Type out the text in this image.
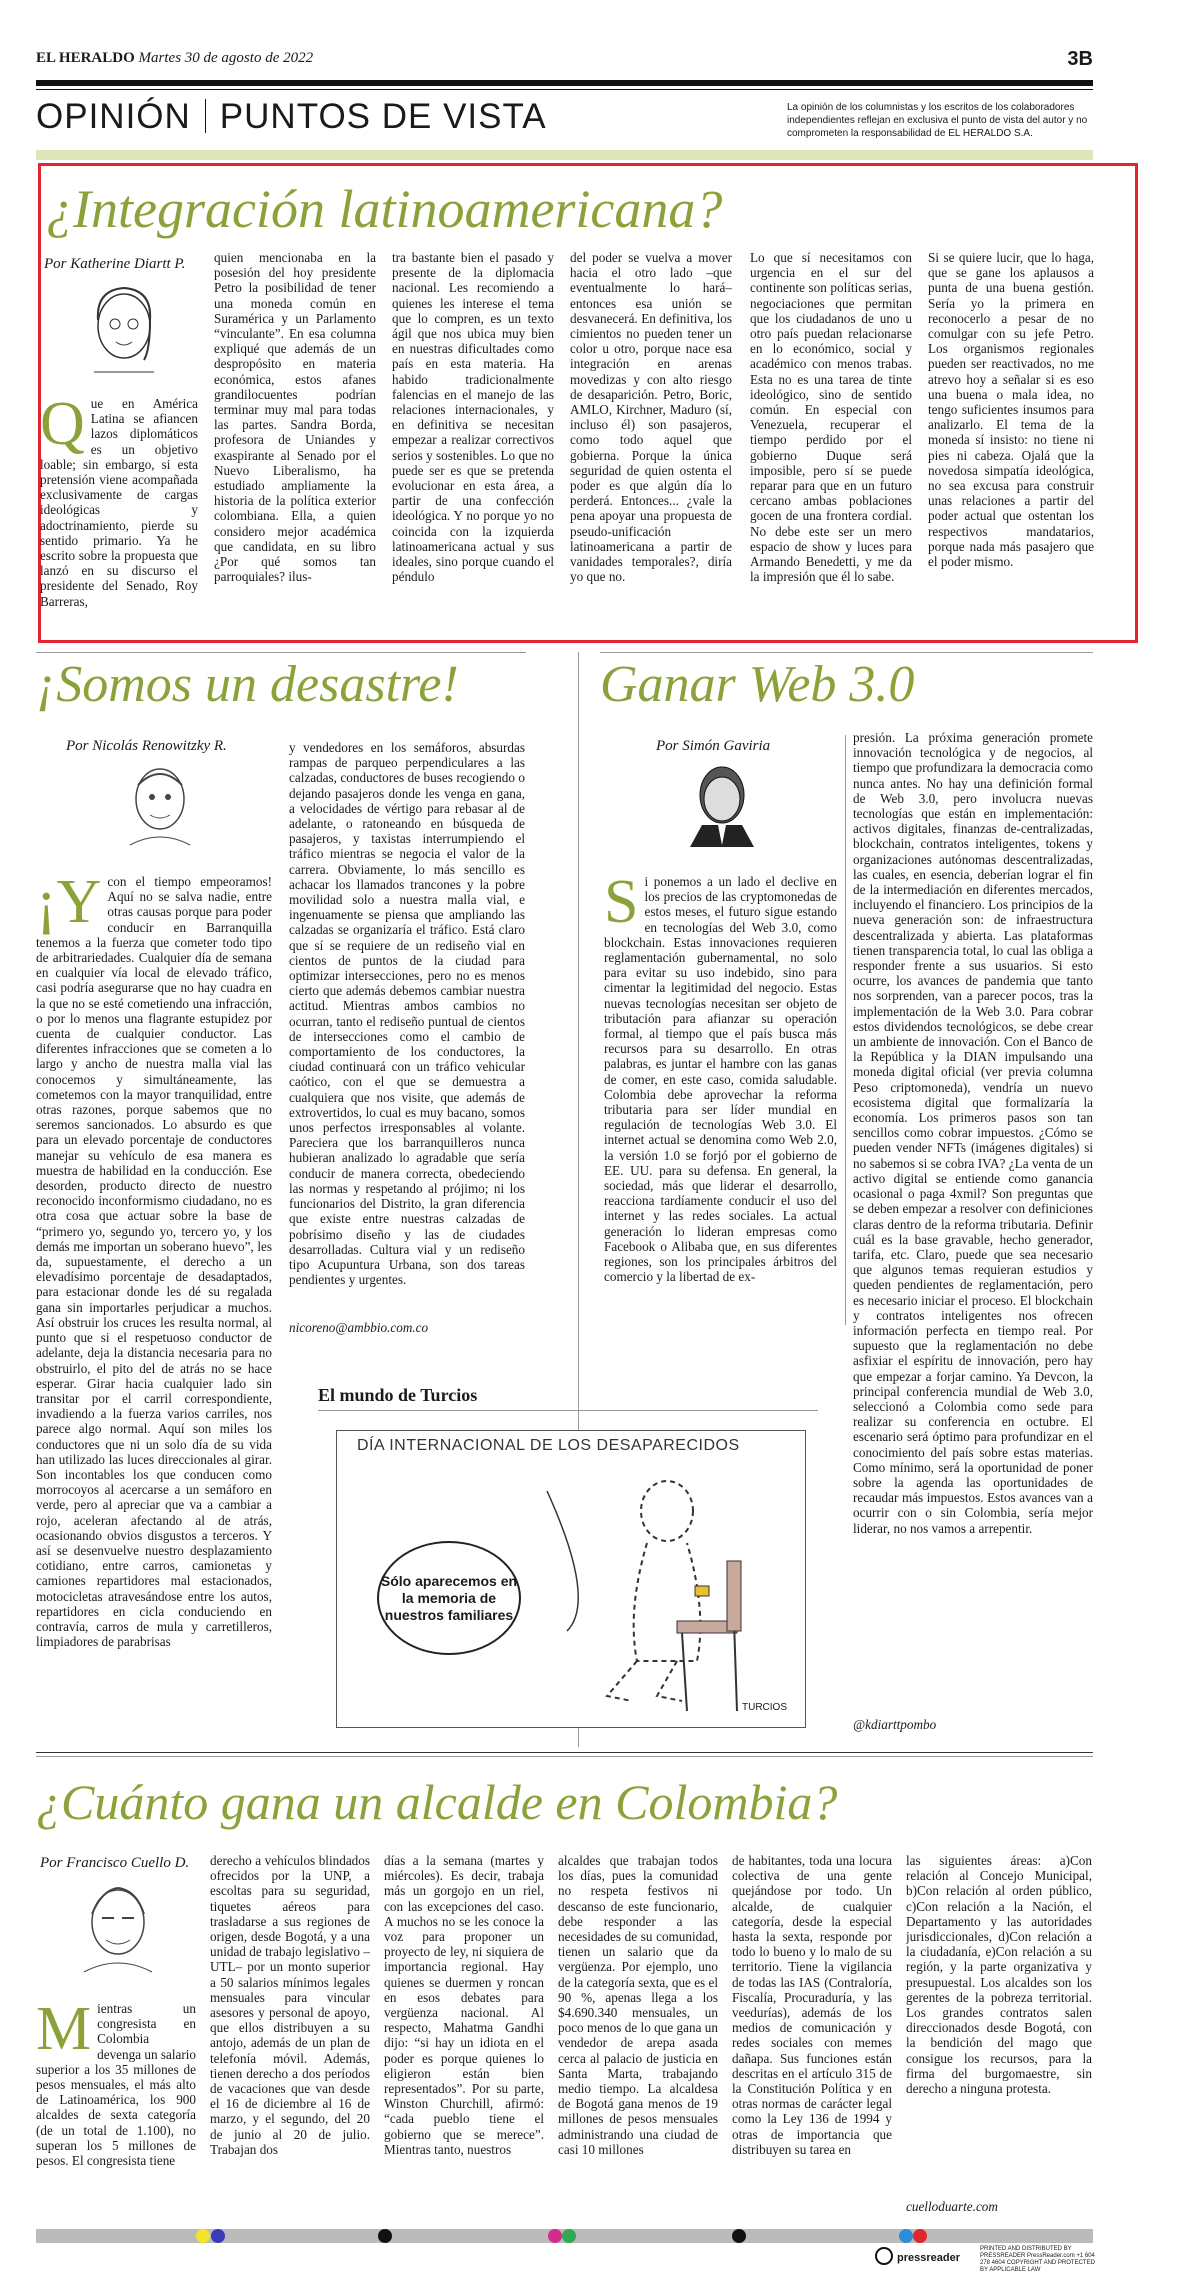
EL HERALDO Martes 30 de agosto de 2022	3B
OPINIÓN PUNTOS DE VISTA	La opinión de los columnistas y los escritos de los colaboradores independientes reflejan en exclusiva el punto de vista del autor y no comprometen la responsabilidad de EL HERALDO S.A.
¿Integración latinoamericana?
Por Katherine Diartt P.
Que en América Latina se afiancen lazos diplomáticos es un objetivo loable; sin embargo, si esta pretensión viene acompañada exclusivamente de cargas ideológicas y adoctrinamiento, pierde su sentido primario. Ya he escrito sobre la propuesta que lanzó en su discurso el presidente del Senado, Roy Barreras,
quien mencionaba en la posesión del hoy presidente Petro la posibilidad de tener una moneda común en Suramérica y un Parlamento “vinculante”. En esa columna expliqué que además de un despropósito en materia económica, estos afanes grandilocuentes podrían terminar muy mal para todas las partes. Sandra Borda, profesora de Uniandes y exaspirante al Senado por el Nuevo Liberalismo, ha estudiado ampliamente la historia de la política exterior colombiana. Ella, a quien considero mejor académica que candidata, en su libro ¿Por qué somos tan parroquiales? ilus-
tra bastante bien el pasado y presente de la diplomacia nacional. Les recomiendo a quienes les interese el tema que lo compren, es un texto ágil que nos ubica muy bien en nuestras dificultades como país en esta materia. Ha habido tradicionalmente falencias en el manejo de las relaciones internacionales, y en definitiva se necesitan empezar a realizar correctivos serios y sostenibles. Lo que no puede ser es que se pretenda evolucionar en esta área, a partir de una confección ideológica. Y no porque yo no coincida con la izquierda latinoamericana actual y sus ideales, sino porque cuando el péndulo
del poder se vuelva a mover hacia el otro lado –que eventualmente lo hará– entonces esa unión se desvanecerá. En definitiva, los cimientos no pueden tener un color u otro, porque nace esa integración en arenas movedizas y con alto riesgo de desaparición. Petro, Boric, AMLO, Kirchner, Maduro (sí, incluso él) son pasajeros, como todo aquel que gobierna. Porque la única seguridad de quien ostenta el poder es que algún día lo perderá. Entonces... ¿vale la pena apoyar una propuesta de pseudo-unificación latinoamericana a partir de vanidades temporales?, diría yo que no.
Lo que sí necesitamos con urgencia en el sur del continente son políticas serias, negociaciones que permitan que los ciudadanos de uno u otro país puedan relacionarse en lo económico, social y académico con menos trabas. Esta no es una tarea de tinte ideológico, sino de sentido común. En especial con Venezuela, recuperar el tiempo perdido por el gobierno Duque será imposible, pero sí se puede reparar para que en un futuro cercano ambas poblaciones gocen de una frontera cordial. No debe este ser un mero espacio de show y luces para Armando Benedetti, y me da la impresión que él lo sabe.
Si se quiere lucir, que lo haga, que se gane los aplausos a punta de una buena gestión. Sería yo la primera en reconocerlo a pesar de no comulgar con su jefe Petro. Los organismos regionales pueden ser reactivados, no me atrevo hoy a señalar si es eso una buena o mala idea, no tengo suficientes insumos para analizarlo. El tema de la moneda sí insisto: no tiene ni pies ni cabeza. Ojalá que la novedosa simpatía ideológica, no sea excusa para construir unas relaciones a partir del poder actual que ostentan los respectivos mandatarios, porque nada más pasajero que el poder mismo.
¡Somos un desastre!
Por Nicolás Renowitzky R.
¡Y con el tiempo empeoramos! Aquí no se salva nadie, entre otras causas porque para poder conducir en Barranquilla tenemos a la fuerza que cometer todo tipo de arbitrariedades. Cualquier día de semana en cualquier vía local de elevado tráfico, casi podría asegurarse que no hay cuadra en la que no se esté cometiendo una infracción, o por lo menos una flagrante estupidez por cuenta de cualquier conductor. Las diferentes infracciones que se cometen a lo largo y ancho de nuestra malla vial las conocemos y simultáneamente, las cometemos con la mayor tranquilidad, entre otras razones, porque sabemos que no seremos sancionados. Lo absurdo es que para un elevado porcentaje de conductores manejar su vehículo de esa manera es muestra de habilidad en la conducción. Ese desorden, producto directo de nuestro reconocido inconformismo ciudadano, no es otra cosa que actuar sobre la base de “primero yo, segundo yo, tercero yo, y los demás me importan un soberano huevo”, les da, supuestamente, el derecho a un elevadísimo porcentaje de desadaptados, para estacionar donde les dé su regalada gana sin importarles perjudicar a muchos. Así obstruir los cruces les resulta normal, al punto que si el respetuoso conductor de adelante, deja la distancia necesaria para no obstruirlo, el pito del de atrás no se hace esperar. Girar hacia cualquier lado sin transitar por el carril correspondiente, invadiendo a la fuerza varios carriles, nos parece algo normal. Aquí son miles los conductores que ni un solo día de su vida han utilizado las luces direccionales al girar. Son incontables los que conducen como morrocoyos al acercarse a un semáforo en verde, pero al apreciar que va a cambiar a rojo, aceleran afectando al de atrás, ocasionando obvios disgustos a terceros. Y así se desenvuelve nuestro desplazamiento cotidiano, entre carros, camionetas y camiones repartidores mal estacionados, motocicletas atravesándose entre los autos, repartidores en cicla conduciendo en contravía, carros de mula y carretilleros, limpiadores de parabrisas
y vendedores en los semáforos, absurdas rampas de parqueo perpendiculares a las calzadas, conductores de buses recogiendo o dejando pasajeros donde les venga en gana, a velocidades de vértigo para rebasar al de adelante, o ratoneando en búsqueda de pasajeros, y taxistas interrumpiendo el tráfico mientras se negocia el valor de la carrera. Obviamente, lo más sencillo es achacar los llamados trancones y la pobre movilidad solo a nuestra malla vial, e ingenuamente se piensa que ampliando las calzadas se organizaría el tráfico. Está claro que sí se requiere de un rediseño vial en cientos de puntos de la ciudad para optimizar intersecciones, pero no es menos cierto que además debemos cambiar nuestra actitud. Mientras ambos cambios no ocurran, tanto el rediseño puntual de cientos de intersecciones como el cambio de comportamiento de los conductores, la ciudad continuará con un tráfico vehicular caótico, con el que se demuestra a cualquiera que nos visite, que además de extrovertidos, lo cual es muy bacano, somos unos perfectos irresponsables al volante. Pareciera que los barranquilleros nunca hubieran analizado lo agradable que sería conducir de manera correcta, obedeciendo las normas y respetando al prójimo; ni los funcionarios del Distrito, la gran diferencia que existe entre nuestras calzadas de pobrísimo diseño y las de ciudades desarrolladas. Cultura vial y un rediseño tipo Acupuntura Urbana, son dos tareas pendientes y urgentes.
nicoreno@ambbio.com.co
El mundo de Turcios
DÍA INTERNACIONAL DE LOS DESAPARECIDOS
Sólo aparecemos en la memoria de nuestros familiares
TURCIOS
Ganar Web 3.0
Por Simón Gaviria
Si ponemos a un lado el declive en los precios de las cryptomonedas de estos meses, el futuro sigue estando en tecnologías del Web 3.0, como blockchain. Estas innovaciones requieren reglamentación gubernamental, no solo para evitar su uso indebido, sino para cimentar la legitimidad del negocio. Estas nuevas tecnologías necesitan ser objeto de tributación para afianzar su operación formal, al tiempo que el país busca más recursos para su desarrollo. En otras palabras, es juntar el hambre con las ganas de comer, en este caso, comida saludable. Colombia debe aprovechar la reforma tributaria para ser líder mundial en regulación de tecnologías Web 3.0. El internet actual se denomina como Web 2.0, la versión 1.0 se forjó por el gobierno de EE. UU. para su defensa. En general, la sociedad, más que liderar el desarrollo, reacciona tardíamente conducir el uso del internet y las redes sociales. La actual generación lo lideran empresas como Facebook o Alibaba que, en sus diferentes regiones, son los principales árbitros del comercio y la libertad de ex-
presión. La próxima generación promete innovación tecnológica y de negocios, al tiempo que profundizara la democracia como nunca antes. No hay una definición formal de Web 3.0, pero involucra nuevas tecnologías que están en implementación: activos digitales, finanzas de-centralizadas, blockchain, contratos inteligentes, tokens y organizaciones autónomas descentralizadas, las cuales, en esencia, deberían lograr el fin de la intermediación en diferentes mercados, incluyendo el financiero. Los principios de la nueva generación son: de infraestructura descentralizada y abierta. Las plataformas tienen transparencia total, lo cual las obliga a responder frente a sus usuarios. Si esto ocurre, los avances de pandemia que tanto nos sorprenden, van a parecer pocos, tras la implementación de la Web 3.0. Para cobrar estos dividendos tecnológicos, se debe crear un ambiente de innovación. Con el Banco de la República y la DIAN impulsando una moneda digital oficial (ver previa columna Peso criptomoneda), vendría un nuevo ecosistema digital que formalizaría la economía. Los primeros pasos son tan sencillos como cobrar impuestos. ¿Cómo se pueden vender NFTs (imágenes digitales) si no sabemos si se cobra IVA? ¿La venta de un activo digital se entiende como ganancia ocasional o paga 4xmil? Son preguntas que se deben empezar a resolver con definiciones claras dentro de la reforma tributaria. Definir cuál es la base gravable, hecho generador, tarifa, etc. Claro, puede que sea necesario que algunos temas requieran estudios y queden pendientes de reglamentación, pero es necesario iniciar el proceso. El blockchain y contratos inteligentes nos ofrecen información perfecta en tiempo real. Por supuesto que la reglamentación no debe asfixiar el espíritu de innovación, pero hay que empezar a forjar camino. Ya Devcon, la principal conferencia mundial de Web 3.0, seleccionó a Colombia como sede para realizar su conferencia en octubre. El escenario será óptimo para profundizar en el conocimiento del país sobre estas materias. Como mínimo, será la oportunidad de poner sobre la agenda las oportunidades de recaudar más impuestos. Estos avances van a ocurrir con o sin Colombia, sería mejor liderar, no nos vamos a arrepentir.
@kdiarttpombo
¿Cuánto gana un alcalde en Colombia?
Por Francisco Cuello D.
Mientras un congresista en Colombia devenga un salario superior a los 35 millones de pesos mensuales, el más alto de Latinoamérica, los 900 alcaldes de sexta categoría (de un total de 1.100), no superan los 5 millones de pesos. El congresista tiene
derecho a vehículos blindados ofrecidos por la UNP, a escoltas para su seguridad, tiquetes aéreos para trasladarse a sus regiones de origen, desde Bogotá, y a una unidad de trabajo legislativo –UTL– por un monto superior a 50 salarios mínimos legales mensuales para vincular asesores y personal de apoyo, que ellos distribuyen a su antojo, además de un plan de telefonía móvil. Además, tienen derecho a dos períodos de vacaciones que van desde el 16 de diciembre al 16 de marzo, y el segundo, del 20 de junio al 20 de julio. Trabajan dos
días a la semana (martes y miércoles). Es decir, trabaja más un gorgojo en un riel, con las excepciones del caso. A muchos no se les conoce la voz para proponer un proyecto de ley, ni siquiera de importancia regional. Hay quienes se duermen y roncan en esos debates para vergüenza nacional. Al respecto, Mahatma Gandhi dijo: “si hay un idiota en el poder es porque quienes lo eligieron están bien representados”. Por su parte, Winston Churchill, afirmó: “cada pueblo tiene el gobierno que se merece”. Mientras tanto, nuestros
alcaldes que trabajan todos los días, pues la comunidad no respeta festivos ni descanso de este funcionario, debe responder a las necesidades de su comunidad, tienen un salario que da vergüenza. Por ejemplo, uno de la categoría sexta, que es el 90 %, apenas llega a los $4.690.340 mensuales, un poco menos de lo que gana un vendedor de arepa asada cerca al palacio de justicia en Santa Marta, trabajando medio tiempo. La alcaldesa de Bogotá gana menos de 19 millones de pesos mensuales administrando una ciudad de casi 10 millones
de habitantes, toda una locura colectiva de una gente quejándose por todo. Un alcalde, de cualquier categoría, desde la especial hasta la sexta, responde por todo lo bueno y lo malo de su territorio. Tiene la vigilancia de todas las IAS (Contraloría, Fiscalía, Procuraduría, y las veedurías), además de los medios de comunicación y redes sociales con memes dañapa. Sus funciones están descritas en el artículo 315 de la Constitución Política y en otras normas de carácter legal como la Ley 136 de 1994 y otras de importancia que distribuyen su tarea en
las siguientes áreas: a)Con relación al Concejo Municipal, b)Con relación al orden público, c)Con relación a la Nación, el Departamento y las autoridades jurisdiccionales, d)Con relación a la ciudadanía, e)Con relación a su región, y la parte organizativa y presupuestal. Los alcaldes son los gerentes de la pobreza territorial. Los grandes contratos salen direccionados desde Bogotá, con la bendición del mago que consigue los recursos, para la firma del burgomaestre, sin derecho a ninguna protesta.
cuelloduarte.com
pressreader
PRINTED AND DISTRIBUTED BY PRESSREADER PressReader.com +1 604 278 4604 COPYRIGHT AND PROTECTED BY APPLICABLE LAW
